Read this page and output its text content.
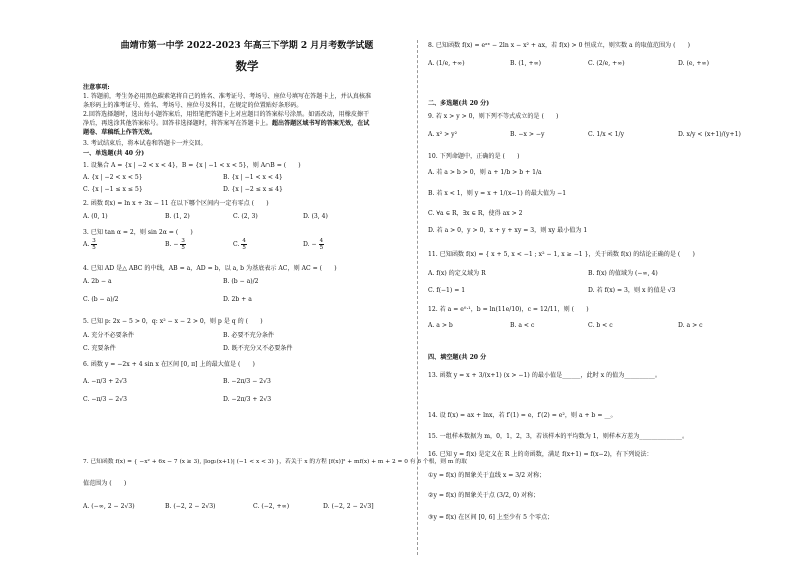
曲靖市第一中学 2022-2023 年高三下学期 2 月月考数学试题
数学
注意事项:
1. 答题前，考生务必用黑色碳素笔将自己的姓名、准考证号、考场号、座位号填写在答题卡上，并认真核准
条形码上的准考证号、姓名、考场号、座位号及科目，在规定的位置贴好条形码。
2.回答选择题时，选出每小题答案后，用铅笔把答题卡上对应题目的答案标号涂黑。如需改动，用橡皮擦干
净后，再选涂其他答案标号。回答非选择题时，将答案写在答题卡上。超出答题区域书写的答案无效，在试
题卷、草稿纸上作答无效。
3. 考试结束后，将本试卷和答题卡一并交回。
一、单选题(共 40 分)
1. 设集合 A = {x | −2 < x < 4}，B = {x | −1 < x < 5}，则 A∩B = (　　)
A. {x | −2 < x < 5}	B. {x | −1 < x < 4}
C. {x | −1 ≤ x ≤ 5}	D. {x | −2 ≤ x ≤ 4}
2. 函数 f(x) = ln x + 3x − 11 在以下哪个区间内一定有零点 (　　)
A. (0, 1)	B. (1, 2)	C. (2, 3)	D. (3, 4)
3. 已知 tan α = 2，则 sin 2α = (　　)
A. $\frac{3}{5}$	B. − $\frac{3}{5}$	C. $\frac{4}{5}$	D. − $\frac{4}{5}$
4. 已知 AD 是△ ABC 的中线，AB = a，AD = b，以 a, b 为基底表示 AC，则 AC = (　　)
A. 2b − a	B. (b − a)/2
C. (b − a)/2	D. 2b + a
5. 已知 p: 2x − 5 > 0，q: x² − x − 2 > 0，则 p 是 q 的 (　　)
A. 充分不必要条件	B. 必要不充分条件
C. 充要条件	D. 既不充分又不必要条件
6. 函数 y = −2x + 4 sin x 在区间 [0, π] 上的最大值是 (　　)
A. −π/3 + 2√3	B. −2π/3 − 2√3
C. −π/3 − 2√3	D. −2π/3 + 2√3
7. 已知函数 f(x) = { −x² + 6x − 7 (x ≥ 3), |log₂(x+1)| (−1 < x < 3) }，若关于 x 的方程 [f(x)]² + mf(x) + m + 2 = 0 有 6 个根，则 m 的取
值范围为 (　　)
A. (−∞, 2 − 2√3)	B. (−2, 2 − 2√3)	C. (−2, +∞)	D. (−2, 2 − 2√3]
8. 已知函数 f(x) = eᵃˣ − 2ln x − x² + ax，若 f(x) > 0 恒成立，则实数 a 的取值范围为 (　　)
A. (1/e, +∞)	B. (1, +∞)	C. (2/e, +∞)	D. (e, +∞)
二、多选题(共 20 分)
9. 若 x > y > 0，则下列不等式成立的是 (　　)
A. x² > y²	B. −x > −y	C. 1/x < 1/y	D. x/y < (x+1)/(y+1)
10. 下列命题中，正确的是 (　　)
A. 若 a > b > 0，则 a + 1/b > b + 1/a
B. 若 x < 1，则 y = x + 1/(x−1) 的最大值为 −1
C. ∀a ∈ R，∃x ∈ R，使得 ax > 2
D. 若 a > 0，y > 0，x + y + xy = 3，则 xy 最小值为 1
11. 已知函数 f(x) = { x + 5, x < −1 ; x² − 1, x ≥ −1 }，关于函数 f(x) 的结论正确的是 (　　)
A. f(x) 的定义域为 R	B. f(x) 的值域为 (−∞, 4)
C. f(−1) = 1	D. 若 f(x) = 3，则 x 的值是 √3
12. 若 a = e⁰·¹，b = ln(11e/10)，c = 12/11，则 (　　)
A. a > b	B. a < c	C. b < c	D. a > c
四、填空题(共 20 分
13. 函数 y = x + 3/(x+1) (x > −1) 的最小值是______，此时 x 的值为__________。
14. 设 f(x) = ax + lnx，若 f′(1) = e，f′(2) = e²，则 a + b = __。
15. 一组样本数据为 m，0，1，2，3，若该样本的平均数为 1，则样本方差为______________。
16. 已知 y = f(x) 是定义在 R 上的奇函数，满足 f(x+1) = f(x−2)，有下列说法：
①y = f(x) 的图象关于直线 x = 3/2 对称；
②y = f(x) 的图象关于点 (3/2, 0) 对称；
③y = f(x) 在区间 [0, 6] 上至少有 5 个零点；
